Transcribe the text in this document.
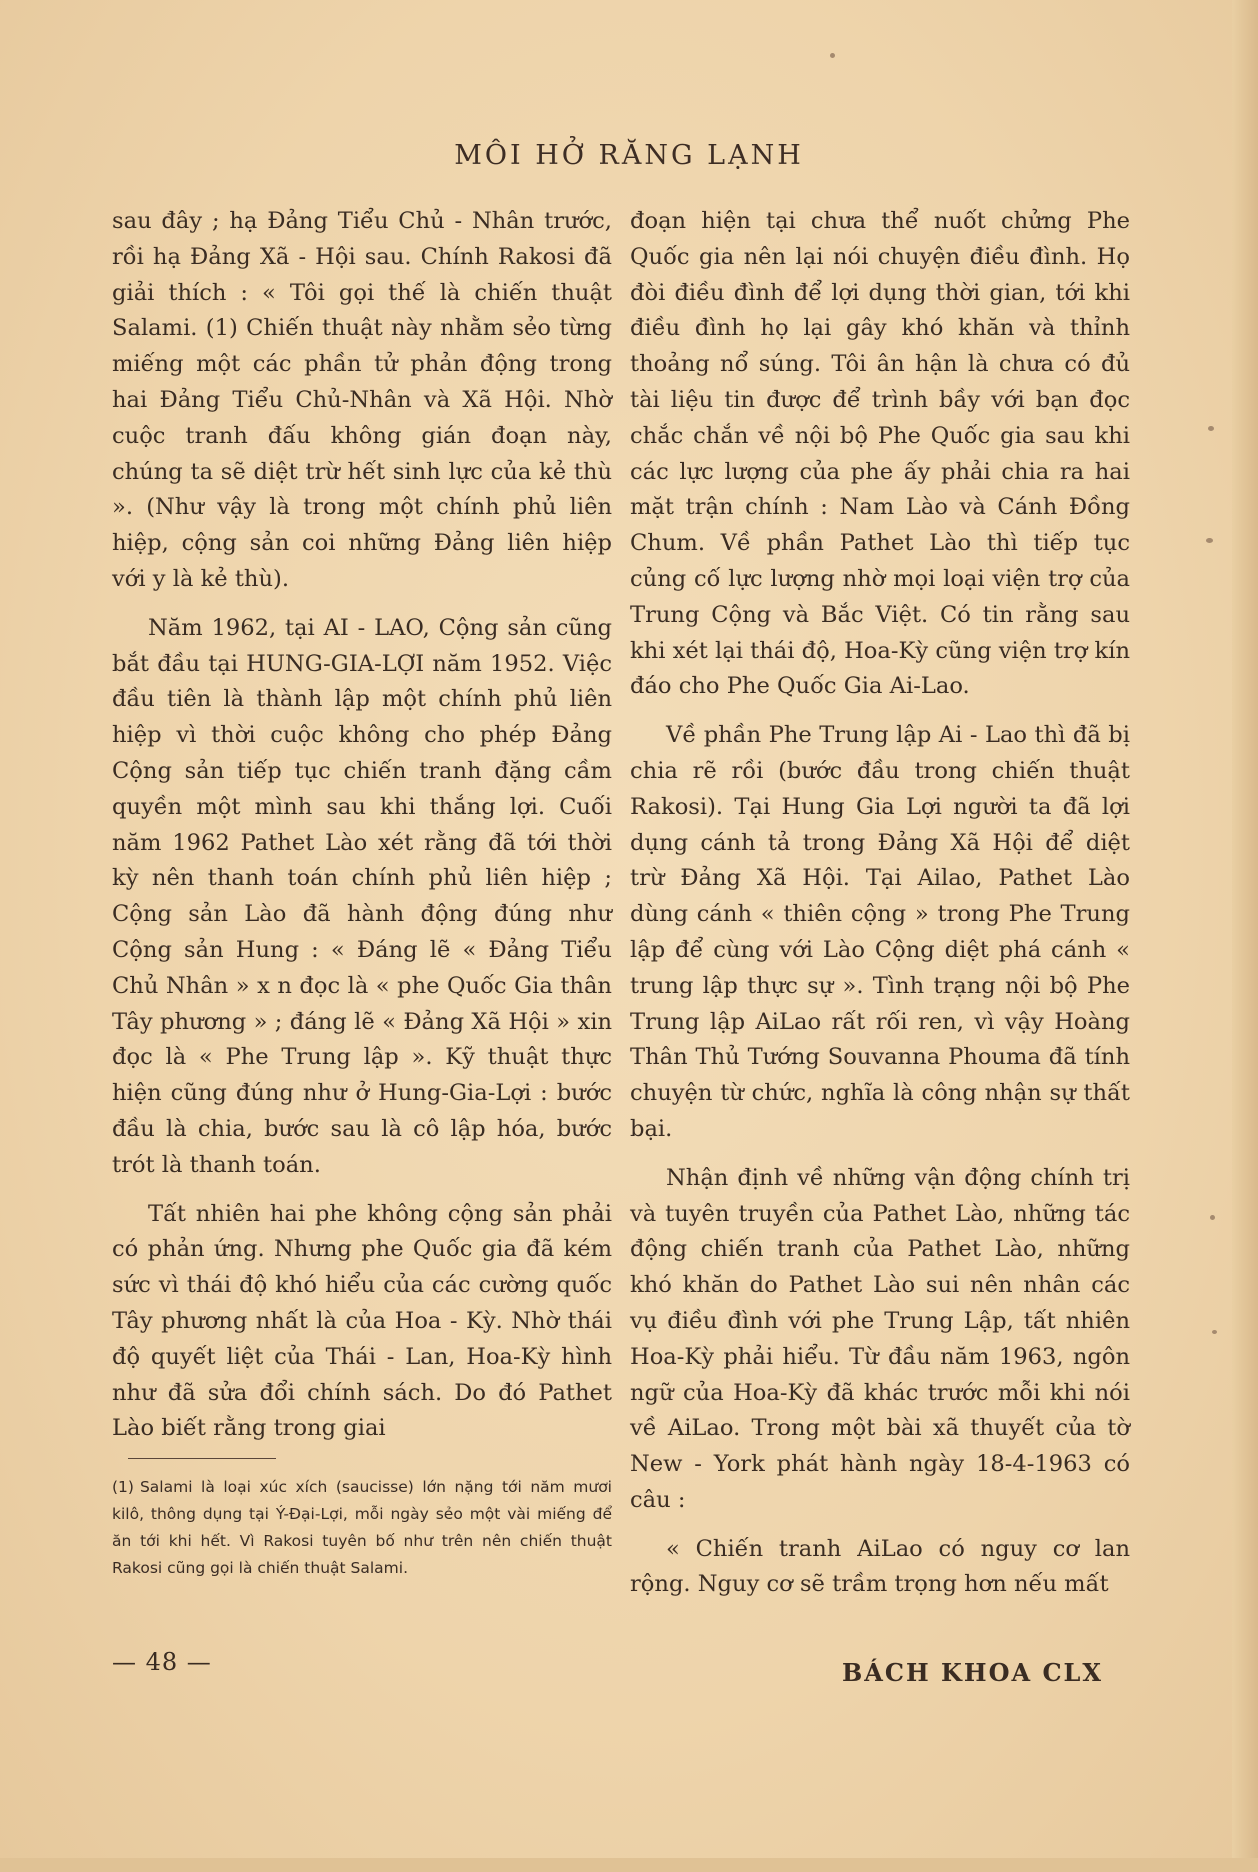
MÔI HỞ RĂNG LẠNH

sau đây ; hạ Đảng Tiểu Chủ - Nhân trước, rồi hạ Đảng Xã - Hội sau. Chính Rakosi đã giải thích : « Tôi gọi thế là chiến thuật Salami. (1) Chiến thuật này nhằm sẻo từng miếng một các phần tử phản động trong hai Đảng Tiểu Chủ-Nhân và Xã Hội. Nhờ cuộc tranh đấu không gián đoạn này, chúng ta sẽ diệt trừ hết sinh lực của kẻ thù ». (Như vậy là trong một chính phủ liên hiệp, cộng sản coi những Đảng liên hiệp với y là kẻ thù).

Năm 1962, tại AI - LAO, Cộng sản cũng bắt đầu tại HUNG-GIA-LỢI năm 1952. Việc đầu tiên là thành lập một chính phủ liên hiệp vì thời cuộc không cho phép Đảng Cộng sản tiếp tục chiến tranh đặng cầm quyền một mình sau khi thắng lợi. Cuối năm 1962 Pathet Lào xét rằng đã tới thời kỳ nên thanh toán chính phủ liên hiệp ; Cộng sản Lào đã hành động đúng như Cộng sản Hung : « Đáng lẽ « Đảng Tiểu Chủ Nhân » x n đọc là « phe Quốc Gia thân Tây phương » ; đáng lẽ « Đảng Xã Hội » xin đọc là « Phe Trung lập ». Kỹ thuật thực hiện cũng đúng như ở Hung-Gia-Lợi : bước đầu là chia, bước sau là cô lập hóa, bước trót là thanh toán.

Tất nhiên hai phe không cộng sản phải có phản ứng. Nhưng phe Quốc gia đã kém sức vì thái độ khó hiểu của các cường quốc Tây phương nhất là của Hoa - Kỳ. Nhờ thái độ quyết liệt của Thái - Lan, Hoa-Kỳ hình như đã sửa đổi chính sách. Do đó Pathet Lào biết rằng trong giai

(1) Salami là loại xúc xích (saucisse) lớn nặng tới năm mươi kilô, thông dụng tại Ý-Đại-Lợi, mỗi ngày sẻo một vài miếng để ăn tới khi hết. Vì Rakosi tuyên bố như trên nên chiến thuật Rakosi cũng gọi là chiến thuật Salami.

đoạn hiện tại chưa thể nuốt chửng Phe Quốc gia nên lại nói chuyện điều đình. Họ đòi điều đình để lợi dụng thời gian, tới khi điều đình họ lại gây khó khăn và thỉnh thoảng nổ súng. Tôi ân hận là chưa có đủ tài liệu tin được để trình bầy với bạn đọc chắc chắn về nội bộ Phe Quốc gia sau khi các lực lượng của phe ấy phải chia ra hai mặt trận chính : Nam Lào và Cánh Đồng Chum. Về phần Pathet Lào thì tiếp tục củng cố lực lượng nhờ mọi loại viện trợ của Trung Cộng và Bắc Việt. Có tin rằng sau khi xét lại thái độ, Hoa-Kỳ cũng viện trợ kín đáo cho Phe Quốc Gia Ai-Lao.

Về phần Phe Trung lập Ai - Lao thì đã bị chia rẽ rồi (bước đầu trong chiến thuật Rakosi). Tại Hung Gia Lợi người ta đã lợi dụng cánh tả trong Đảng Xã Hội để diệt trừ Đảng Xã Hội. Tại Ailao, Pathet Lào dùng cánh « thiên cộng » trong Phe Trung lập để cùng với Lào Cộng diệt phá cánh « trung lập thực sự ». Tình trạng nội bộ Phe Trung lập AiLao rất rối ren, vì vậy Hoàng Thân Thủ Tướng Souvanna Phouma đã tính chuyện từ chức, nghĩa là công nhận sự thất bại.

Nhận định về những vận động chính trị và tuyên truyền của Pathet Lào, những tác động chiến tranh của Pathet Lào, những khó khăn do Pathet Lào sui nên nhân các vụ điều đình với phe Trung Lập, tất nhiên Hoa-Kỳ phải hiểu. Từ đầu năm 1963, ngôn ngữ của Hoa-Kỳ đã khác trước mỗi khi nói về AiLao. Trong một bài xã thuyết của tờ New - York phát hành ngày 18-4-1963 có câu :

« Chiến tranh AiLao có nguy cơ lan rộng. Nguy cơ sẽ trầm trọng hơn nếu mất

— 48 —	BÁCH KHOA CLX
